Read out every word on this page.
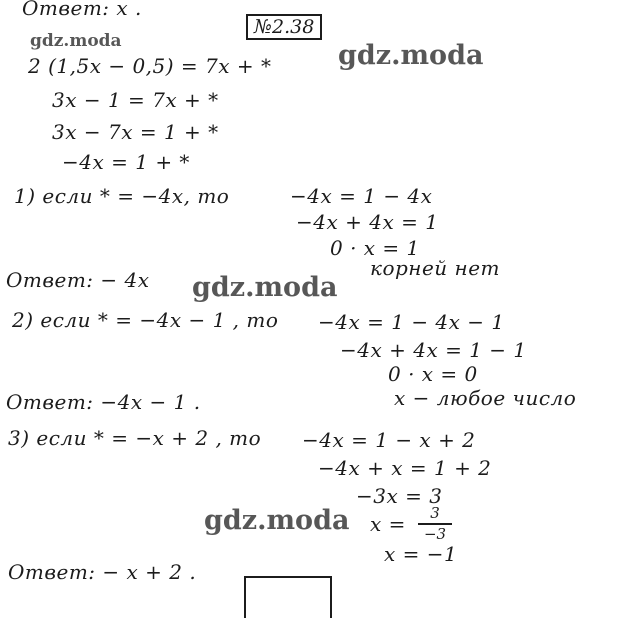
Ответ: x .
№2.38
gdz.moda	gdz.moda
gdz.moda
gdz.moda
2 (1,5x − 0,5) = 7x + *
3x − 1 = 7x + *
3x − 7x = 1 + *
−4x = 1 + *
1) если * = −4x, то	−4x = 1 − 4x
−4x + 4x = 1
0 · x = 1
корней нет
Ответ: − 4x
2) если * = −4x − 1 , то −4x = 1 − 4x − 1
−4x + 4x = 1 − 1
0 · x = 0
Ответ: −4x − 1 .	x − любое число
3) если * = −x + 2 , то −4x = 1 − x + 2
−4x + x = 1 + 2
−3x = 3
x = 3
−3
x = −1
Ответ: − x + 2 .
